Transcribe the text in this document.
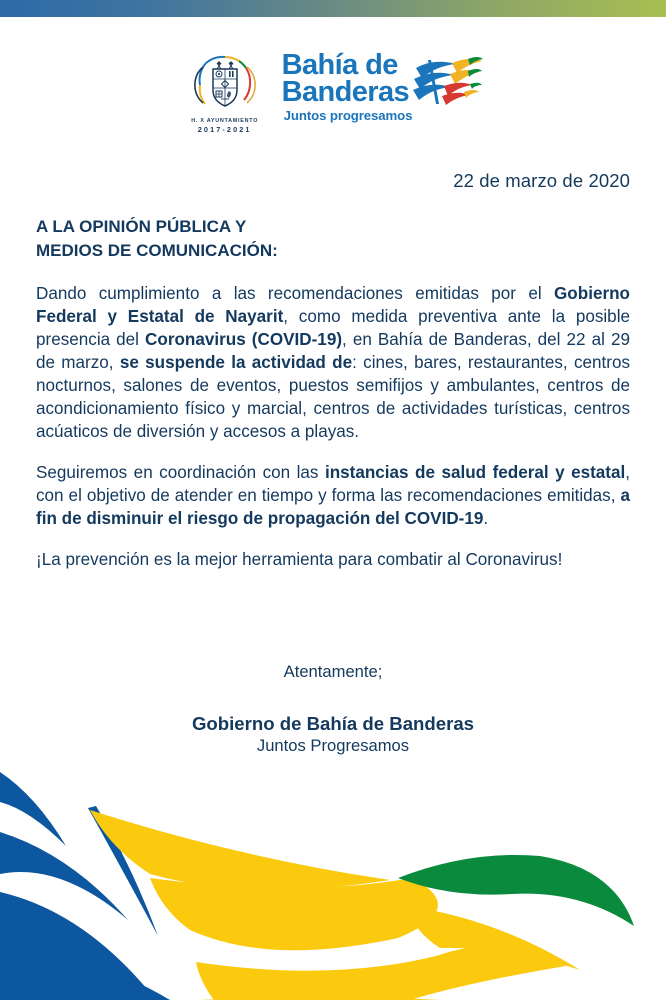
H. X AYUNTAMIENTO
2017-2021
Bahía de
Banderas
Juntos progresamos
22 de marzo de 2020
A LA OPINIÓN PÚBLICA Y
MEDIOS DE COMUNICACIÓN:

Dando cumplimiento a las recomendaciones emitidas por el Gobierno Federal y Estatal de Nayarit, como medida preventiva ante la posible presencia del Coronavirus (COVID-19), en Bahía de Banderas, del 22 al 29 de marzo, se suspende la actividad de: cines, bares, restaurantes, centros nocturnos, salones de eventos, puestos semifijos y ambulantes, centros de acondicionamiento físico y marcial, centros de actividades turísticas, centros acúaticos de diversión y accesos a playas.

Seguiremos en coordinación con las instancias de salud federal y estatal, con el objetivo de atender en tiempo y forma las recomendaciones emitidas, a fin de disminuir el riesgo de propagación del COVID-19.

¡La prevención es la mejor herramienta para combatir al Coronavirus!

Atentamente;
Gobierno de Bahía de Banderas
Juntos Progresamos
